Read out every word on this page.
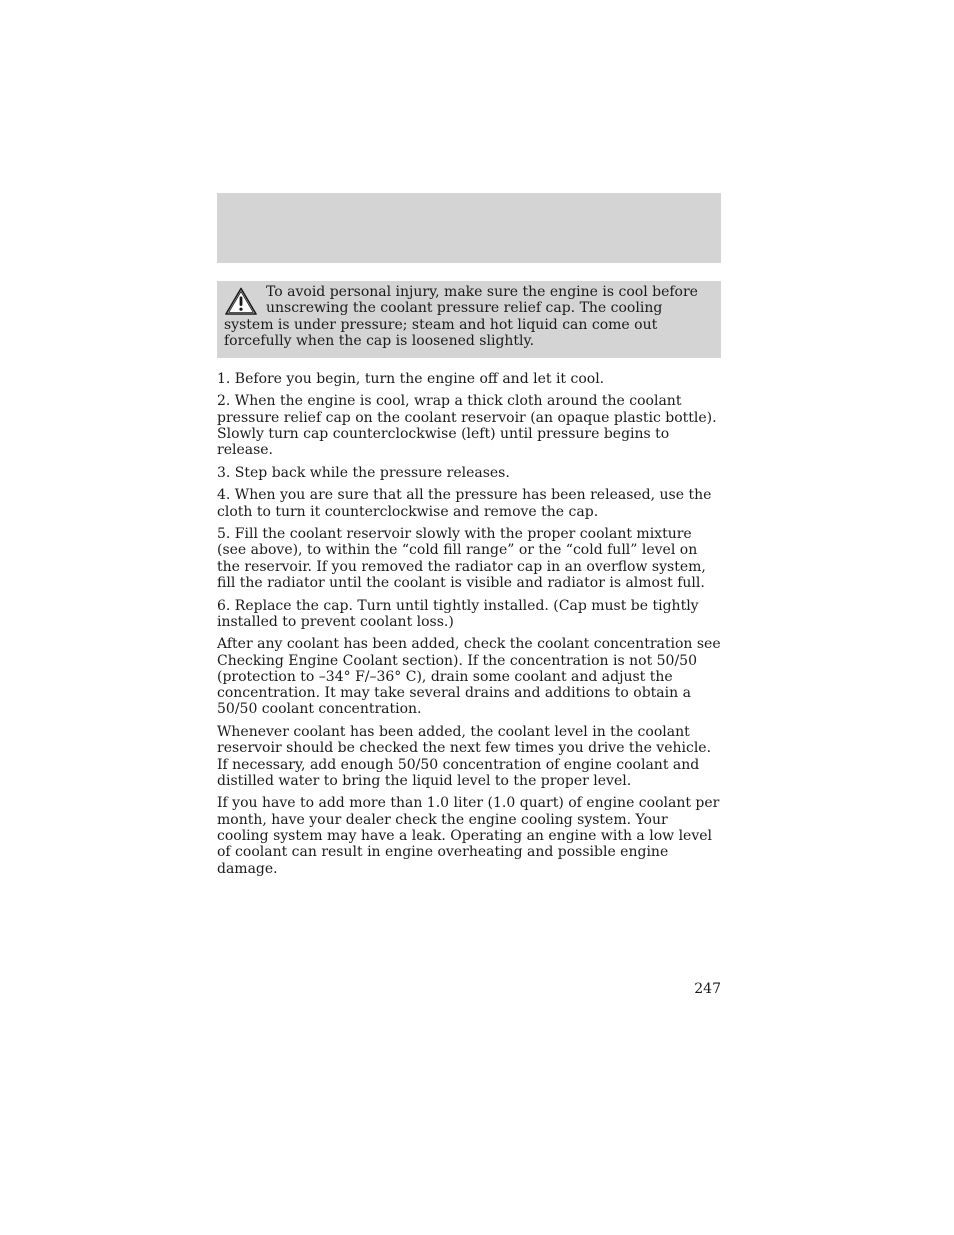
To avoid personal injury, make sure the engine is cool before unscrewing the coolant pressure relief cap. The cooling system is under pressure; steam and hot liquid can come out forcefully when the cap is loosened slightly.

1. Before you begin, turn the engine off and let it cool.

2. When the engine is cool, wrap a thick cloth around the coolant pressure relief cap on the coolant reservoir (an opaque plastic bottle). Slowly turn cap counterclockwise (left) until pressure begins to release.

3. Step back while the pressure releases.

4. When you are sure that all the pressure has been released, use the cloth to turn it counterclockwise and remove the cap.

5. Fill the coolant reservoir slowly with the proper coolant mixture (see above), to within the “cold fill range” or the “cold full” level on the reservoir. If you removed the radiator cap in an overflow system, fill the radiator until the coolant is visible and radiator is almost full.

6. Replace the cap. Turn until tightly installed. (Cap must be tightly installed to prevent coolant loss.)

After any coolant has been added, check the coolant concentration see Checking Engine Coolant section). If the concentration is not 50/50 (protection to –34° F/–36° C), drain some coolant and adjust the concentration. It may take several drains and additions to obtain a 50/50 coolant concentration.

Whenever coolant has been added, the coolant level in the coolant reservoir should be checked the next few times you drive the vehicle. If necessary, add enough 50/50 concentration of engine coolant and distilled water to bring the liquid level to the proper level.

If you have to add more than 1.0 liter (1.0 quart) of engine coolant per month, have your dealer check the engine cooling system. Your cooling system may have a leak. Operating an engine with a low level of coolant can result in engine overheating and possible engine damage.

247
